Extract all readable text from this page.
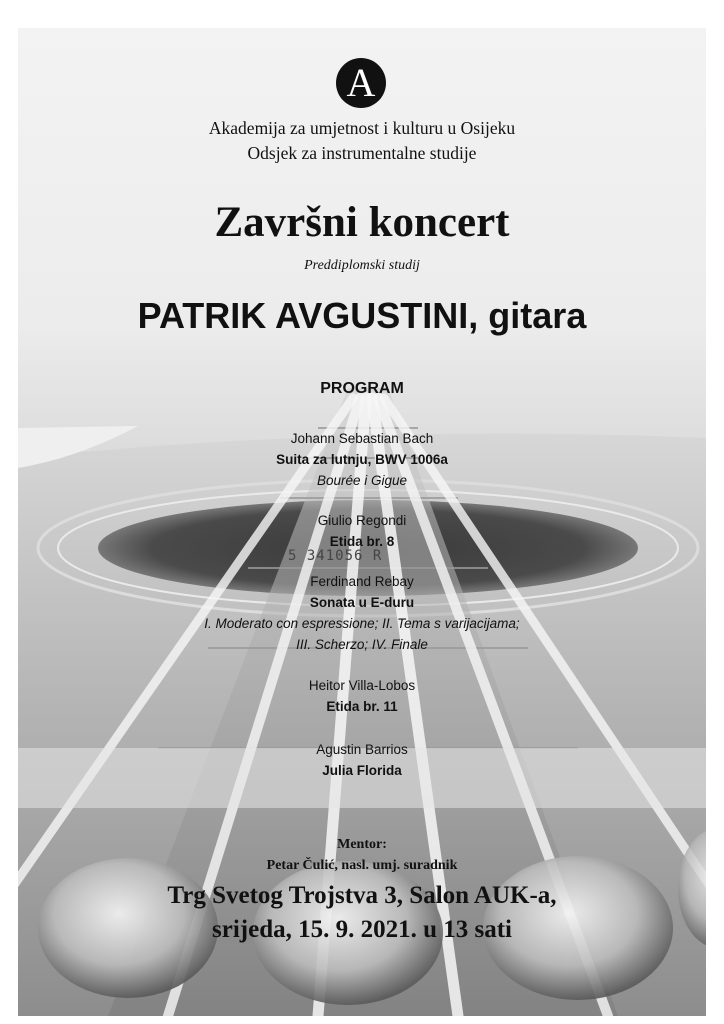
A
Akademija za umjetnost i kulturu u Osijeku
Odsjek za instrumentalne studije
Završni koncert
Preddiplomski studij
PATRIK AVGUSTINI, gitara
PROGRAM
Johann Sebastian Bach
Suita za lutnju, BWV 1006a
Bourée i Gigue
Giulio Regondi
Etida br. 8
Ferdinand Rebay
Sonata u E-duru
I. Moderato con espressione; II. Tema s varijacijama;
III. Scherzo; IV. Finale
Heitor Villa-Lobos
Etida br. 11
Agustin Barrios
Julia Florida
5 341056 R
Mentor:
Petar Čulić, nasl. umj. suradnik
Trg Svetog Trojstva 3, Salon AUK-a,
srijeda, 15. 9. 2021. u 13 sati
